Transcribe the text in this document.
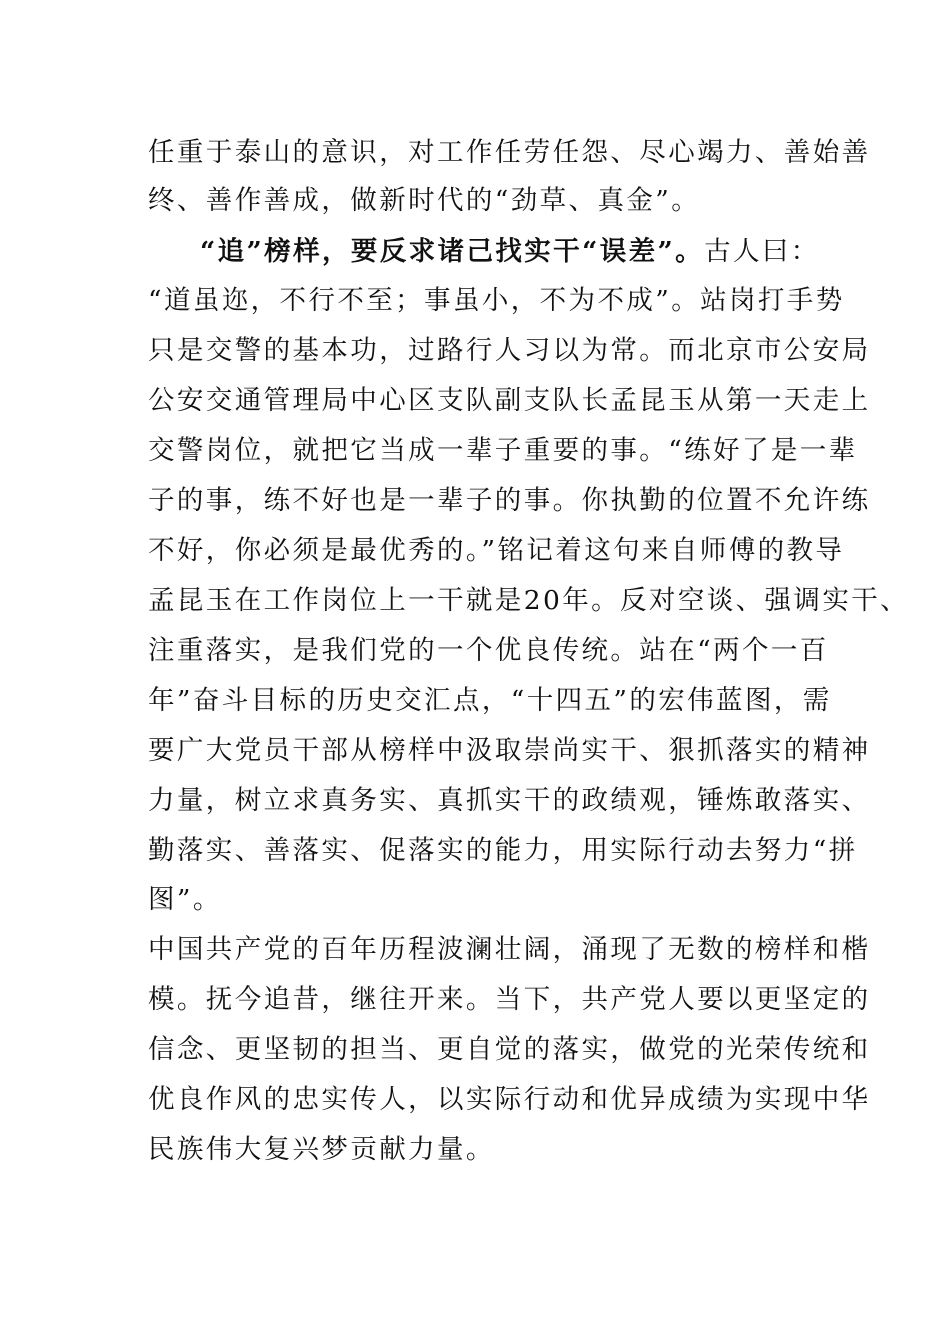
任重于泰山的意识，对工作任劳任怨、尽心竭力、善始善
终、善作善成，做新时代的“劲草、真金”。
“追”榜样，要反求诸己找实干“误差”。古人曰：
“道虽迩，不行不至；事虽小，不为不成”。站岗打手势
只是交警的基本功，过路行人习以为常。而北京市公安局
公安交通管理局中心区支队副支队长孟昆玉从第一天走上
交警岗位，就把它当成一辈子重要的事。“练好了是一辈
子的事，练不好也是一辈子的事。你执勤的位置不允许练
不好，你必须是最优秀的。”铭记着这句来自师傅的教导
孟昆玉在工作岗位上一干就是20年。反对空谈、强调实干、
注重落实，是我们党的一个优良传统。站在“两个一百
年”奋斗目标的历史交汇点，“十四五”的宏伟蓝图，需
要广大党员干部从榜样中汲取崇尚实干、狠抓落实的精神
力量，树立求真务实、真抓实干的政绩观，锤炼敢落实、
勤落实、善落实、促落实的能力，用实际行动去努力“拼
图”。
中国共产党的百年历程波澜壮阔，涌现了无数的榜样和楷
模。抚今追昔，继往开来。当下，共产党人要以更坚定的
信念、更坚韧的担当、更自觉的落实，做党的光荣传统和
优良作风的忠实传人，以实际行动和优异成绩为实现中华
民族伟大复兴梦贡献力量。
